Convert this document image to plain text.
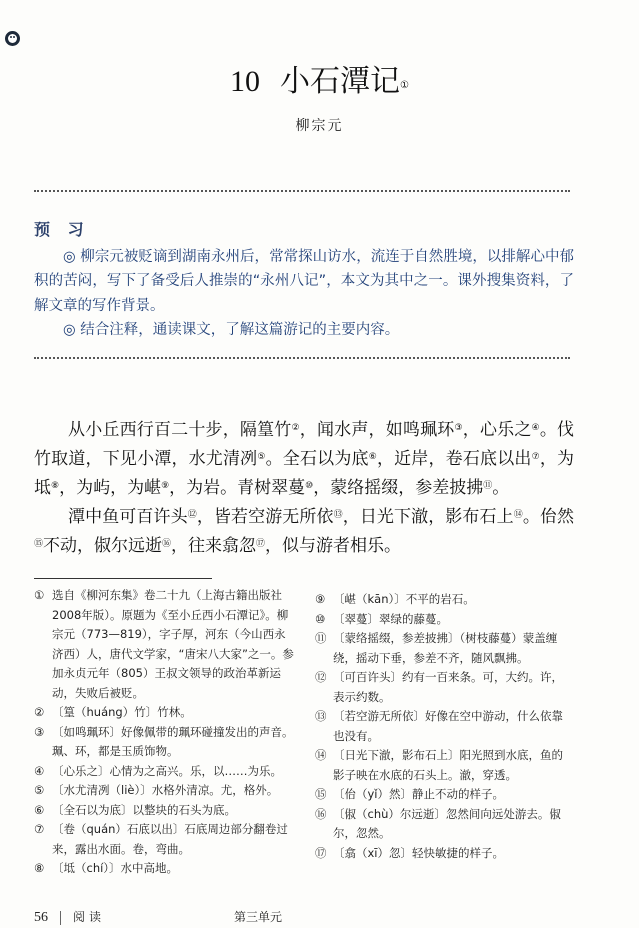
10 小石潭记①
柳宗元
预 习

◎ 柳宗元被贬谪到湖南永州后，常常探山访水，流连于自然胜境，以排解心中郁积的苦闷，写下了备受后人推崇的“永州八记”，本文为其中之一。课外搜集资料，了解文章的写作背景。

◎ 结合注释，通读课文，了解这篇游记的主要内容。

从小丘西行百二十步，隔篁竹②，闻水声，如鸣珮环③，心乐之④。伐竹取道，下见小潭，水尤清冽⑤。全石以为底⑥，近岸，卷石底以出⑦，为坻⑧，为屿，为嵁⑨，为岩。青树翠蔓⑩，蒙络摇缀，参差披拂⑪。

潭中鱼可百许头⑫，皆若空游无所依⑬，日光下澈，影布石上⑭。佁然⑮不动，俶尔远逝⑯，往来翕忽⑰，似与游者相乐。

① 选自《柳河东集》卷二十九（上海古籍出版社2008年版）。原题为《至小丘西小石潭记》。柳宗元（773—819），字子厚，河东（今山西永济西）人，唐代文学家，“唐宋八大家”之一。参加永贞元年（805）王叔文领导的政治革新运动，失败后被贬。
② 〔篁（huáng）竹〕竹林。
③ 〔如鸣珮环〕好像佩带的珮环碰撞发出的声音。珮、环，都是玉质饰物。
④ 〔心乐之〕心情为之高兴。乐，以……为乐。
⑤ 〔水尤清冽（liè）〕水格外清凉。尤，格外。
⑥ 〔全石以为底〕以整块的石头为底。
⑦ 〔卷（quán）石底以出〕石底周边部分翻卷过来，露出水面。卷，弯曲。
⑧ 〔坻（chí）〕水中高地。
⑨ 〔嵁（kān）〕不平的岩石。
⑩ 〔翠蔓〕翠绿的藤蔓。
⑪ 〔蒙络摇缀，参差披拂〕（树枝藤蔓）蒙盖缠绕，摇动下垂，参差不齐，随风飘拂。
⑫ 〔可百许头〕约有一百来条。可，大约。许，表示约数。
⑬ 〔若空游无所依〕好像在空中游动，什么依靠也没有。
⑭ 〔日光下澈，影布石上〕阳光照到水底，鱼的影子映在水底的石头上。澈，穿透。
⑮ 〔佁（yǐ）然〕静止不动的样子。
⑯ 〔俶（chù）尔远逝〕忽然间向远处游去。俶尔，忽然。
⑰ 〔翕（xī）忽〕轻快敏捷的样子。
56 阅读	第三单元
